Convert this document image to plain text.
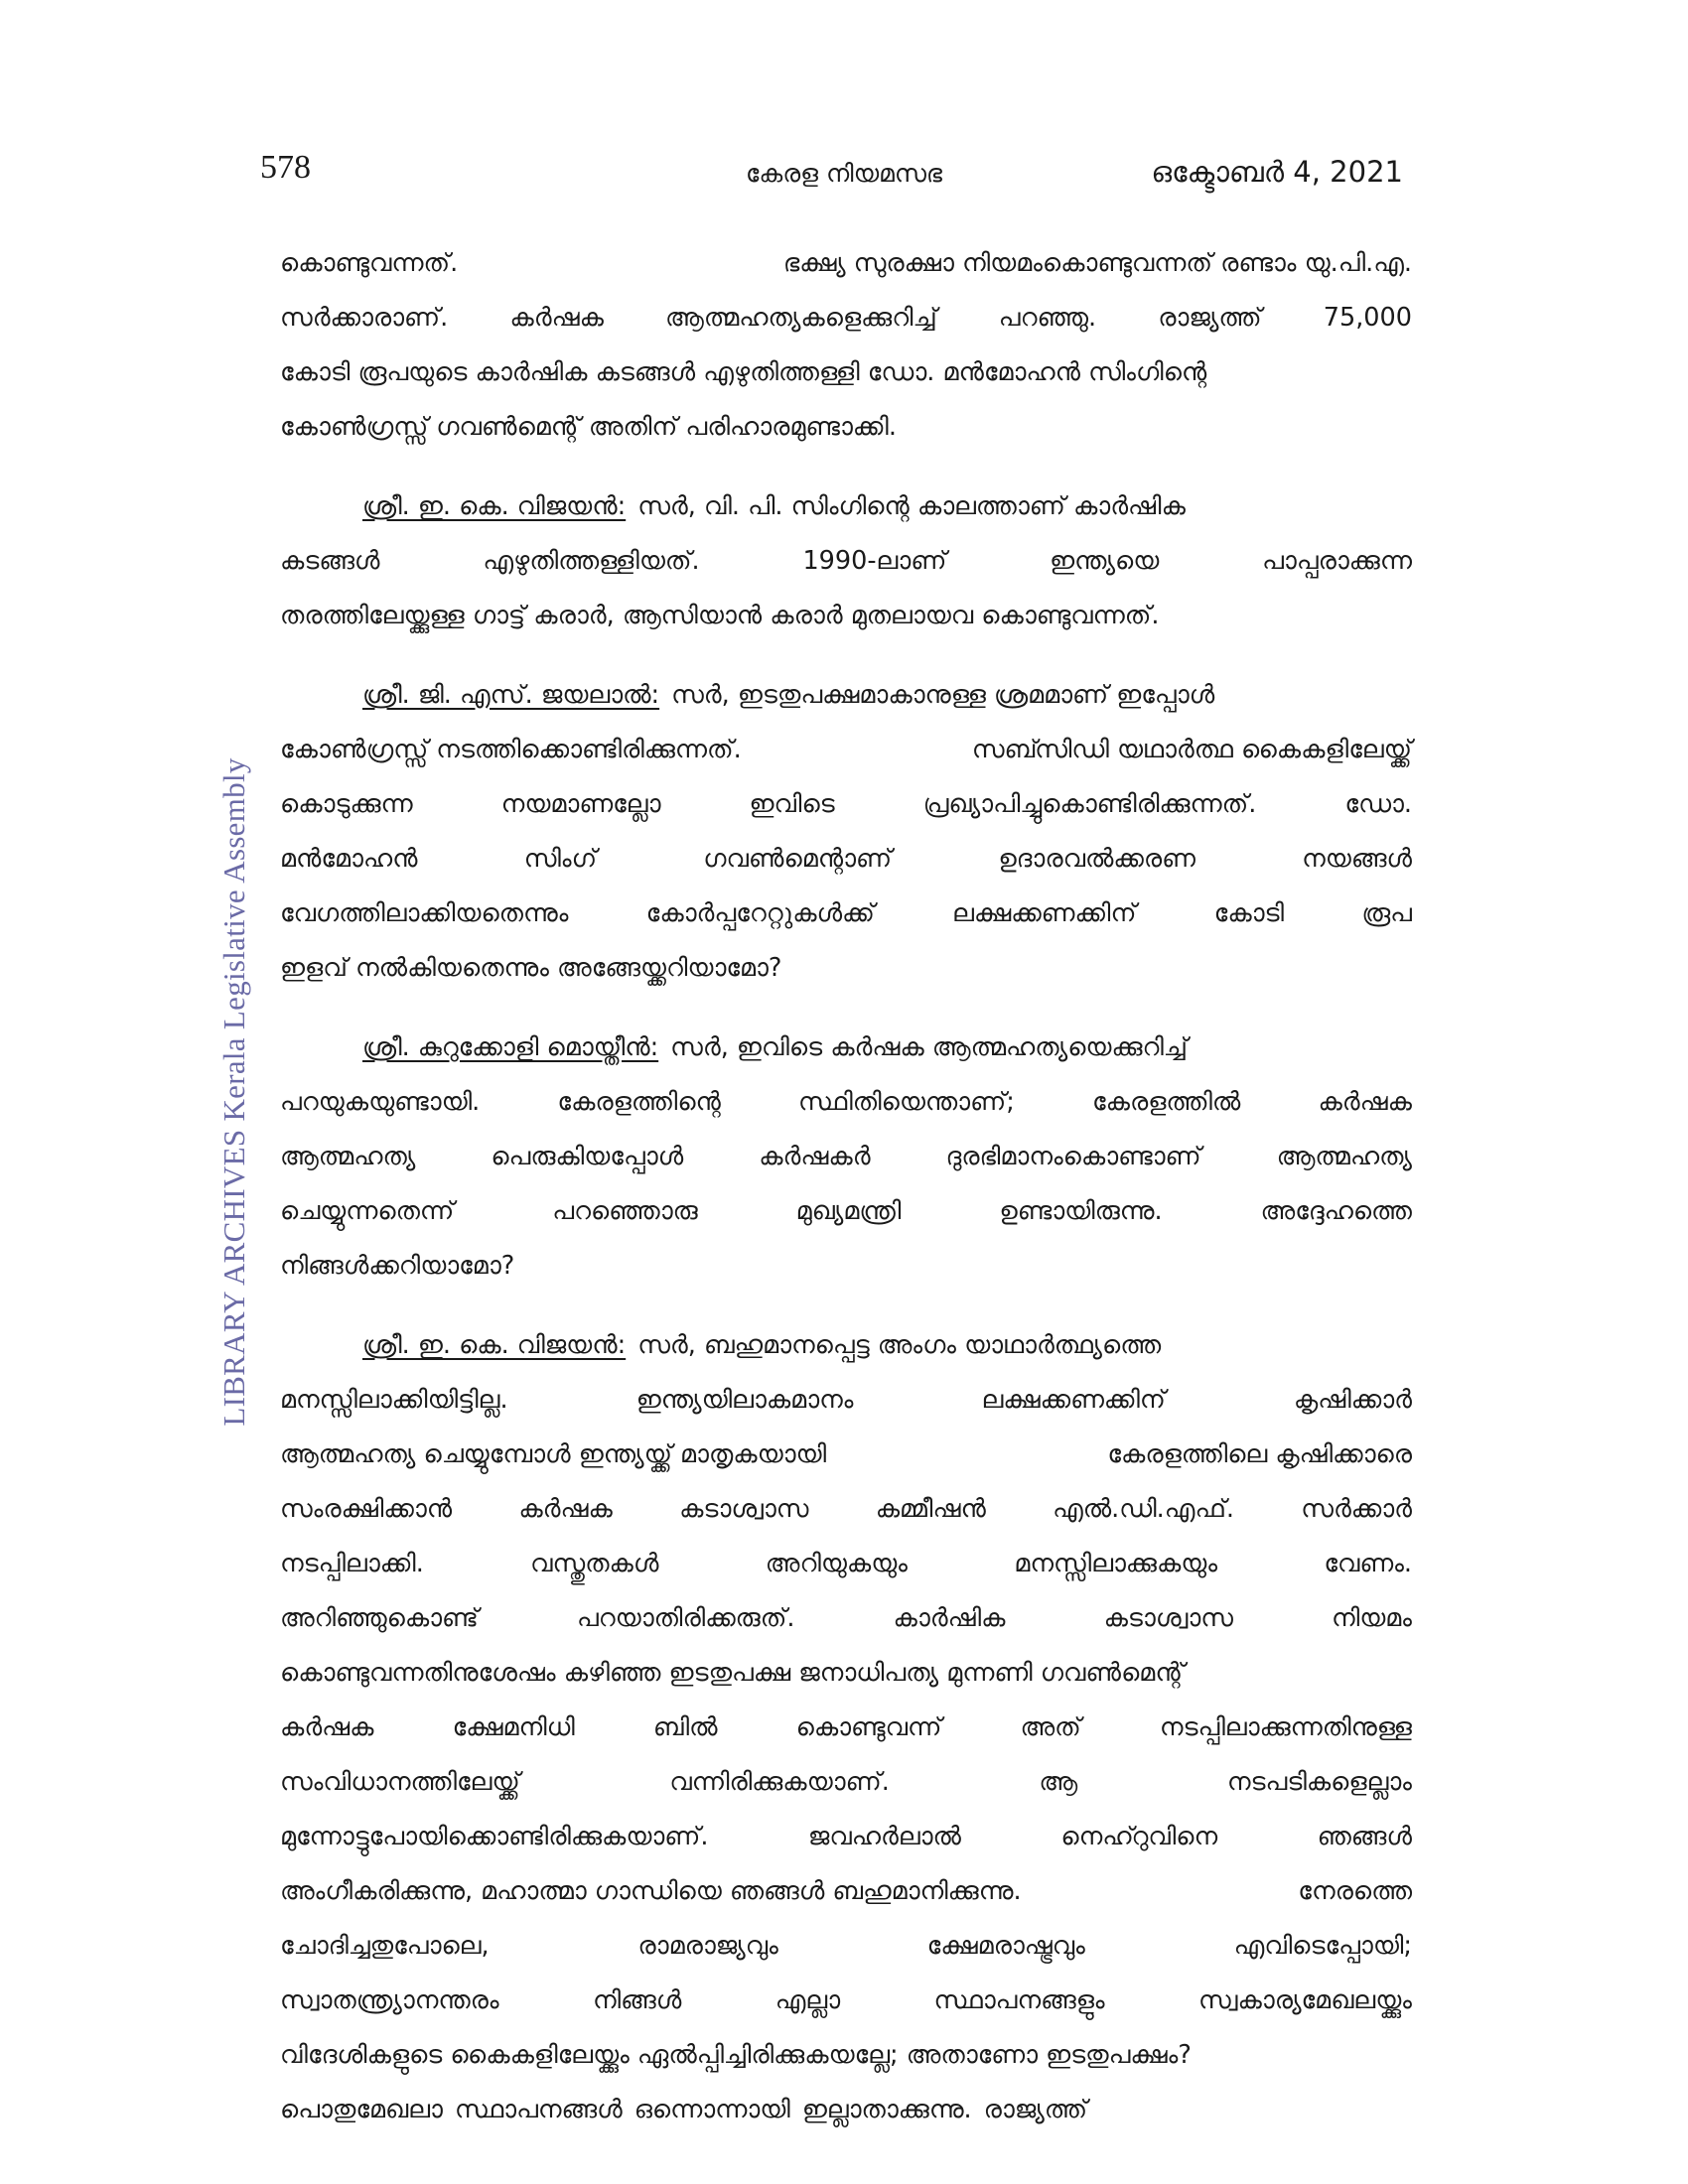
578	കേരള നിയമസഭ	ഒക്ടോബർ 4, 2021
LIBRARY ARCHIVES Kerala Legislative Assembly
കൊണ്ടുവന്നത്.	ഭക്ഷ്യ സുരക്ഷാ നിയമംകൊണ്ടുവന്നത് രണ്ടാം യു.പി.എ.
സർക്കാരാണ്. കർഷക ആത്മഹത്യകളെക്കുറിച്ച് പറഞ്ഞു. രാജ്യത്ത് 75,000
കോടി രൂപയുടെ കാർഷിക കടങ്ങൾ എഴുതിത്തള്ളി ഡോ. മൻമോഹൻ സിംഗിന്റെ
കോൺഗ്രസ്സ് ഗവൺമെന്റ് അതിന് പരിഹാരമുണ്ടാക്കി.
ശ്രീ. ഇ. കെ. വിജയൻ: സർ, വി. പി. സിംഗിന്റെ കാലത്താണ് കാർഷിക
കടങ്ങൾ	എഴുതിത്തള്ളിയത്.	1990-ലാണ്	ഇന്ത്യയെ	പാപ്പരാക്കുന്ന
തരത്തിലേയ്ക്കുള്ള ഗാട്ട് കരാർ, ആസിയാൻ കരാർ മുതലായവ കൊണ്ടുവന്നത്.
ശ്രീ. ജി. എസ്. ജയലാൽ: സർ, ഇടതുപക്ഷമാകാനുള്ള ശ്രമമാണ് ഇപ്പോൾ
കോൺഗ്രസ്സ് നടത്തിക്കൊണ്ടിരിക്കുന്നത്.	സബ്സിഡി യഥാർത്ഥ കൈകളിലേയ്ക്ക്
കൊടുക്കുന്ന	നയമാണല്ലോ	ഇവിടെ	പ്രഖ്യാപിച്ചുകൊണ്ടിരിക്കുന്നത്.	ഡോ.
മൻമോഹൻ	സിംഗ്	ഗവൺമെന്റാണ്	ഉദാരവൽക്കരണ	നയങ്ങൾ
വേഗത്തിലാക്കിയതെന്നും	കോർപ്പറേറ്റുകൾക്ക്	ലക്ഷക്കണക്കിന്	കോടി	രൂപ
ഇളവ് നൽകിയതെന്നും അങ്ങേയ്ക്കറിയാമോ?
ശ്രീ. കുറുക്കോളി മൊയ്തീൻ: സർ, ഇവിടെ കർഷക ആത്മഹത്യയെക്കുറിച്ച്
പറയുകയുണ്ടായി.	കേരളത്തിന്റെ	സ്ഥിതിയെന്താണ്;	കേരളത്തിൽ	കർഷക
ആത്മഹത്യ	പെരുകിയപ്പോൾ	കർഷകർ	ദുരഭിമാനംകൊണ്ടാണ്	ആത്മഹത്യ
ചെയ്യുന്നതെന്ന്	പറഞ്ഞൊരു	മുഖ്യമന്ത്രി	ഉണ്ടായിരുന്നു.	അദ്ദേഹത്തെ
നിങ്ങൾക്കറിയാമോ?
ശ്രീ. ഇ. കെ. വിജയൻ: സർ, ബഹുമാനപ്പെട്ട അംഗം യാഥാർത്ഥ്യത്തെ
മനസ്സിലാക്കിയിട്ടില്ല.	ഇന്ത്യയിലാകമാനം	ലക്ഷക്കണക്കിന്	കൃഷിക്കാർ
ആത്മഹത്യ ചെയ്യുമ്പോൾ ഇന്ത്യയ്ക്ക് മാതൃകയായി	കേരളത്തിലെ കൃഷിക്കാരെ
സംരക്ഷിക്കാൻ	കർഷക	കടാശ്വാസ	കമ്മീഷൻ	എൽ.ഡി.എഫ്.	സർക്കാർ
നടപ്പിലാക്കി.	വസ്തുതകൾ	അറിയുകയും	മനസ്സിലാക്കുകയും	വേണം.
അറിഞ്ഞുകൊണ്ട്	പറയാതിരിക്കരുത്.	കാർഷിക	കടാശ്വാസ	നിയമം
കൊണ്ടുവന്നതിനുശേഷം കഴിഞ്ഞ ഇടതുപക്ഷ ജനാധിപത്യ മുന്നണി ഗവൺമെന്റ്
കർഷക	ക്ഷേമനിധി	ബിൽ	കൊണ്ടുവന്ന്	അത്	നടപ്പിലാക്കുന്നതിനുള്ള
സംവിധാനത്തിലേയ്ക്ക്	വന്നിരിക്കുകയാണ്.	ആ	നടപടികളെല്ലാം
മുന്നോട്ടുപോയിക്കൊണ്ടിരിക്കുകയാണ്.	ജവഹർലാൽ	നെഹ്റുവിനെ	ഞങ്ങൾ
അംഗീകരിക്കുന്നു, മഹാത്മാ ഗാന്ധിയെ ഞങ്ങൾ ബഹുമാനിക്കുന്നു.	നേരത്തെ
ചോദിച്ചതുപോലെ,	രാമരാജ്യവും	ക്ഷേമരാഷ്ട്രവും	എവിടെപ്പോയി;
സ്വാതന്ത്ര്യാനന്തരം	നിങ്ങൾ	എല്ലാ	സ്ഥാപനങ്ങളും	സ്വകാര്യമേഖലയ്ക്കും
വിദേശികളുടെ കൈകളിലേയ്ക്കും ഏൽപ്പിച്ചിരിക്കുകയല്ലേ; അതാണോ ഇടതുപക്ഷം?
പൊതുമേഖലാ സ്ഥാപനങ്ങൾ ഒന്നൊന്നായി ഇല്ലാതാക്കുന്നു. രാജ്യത്ത്
